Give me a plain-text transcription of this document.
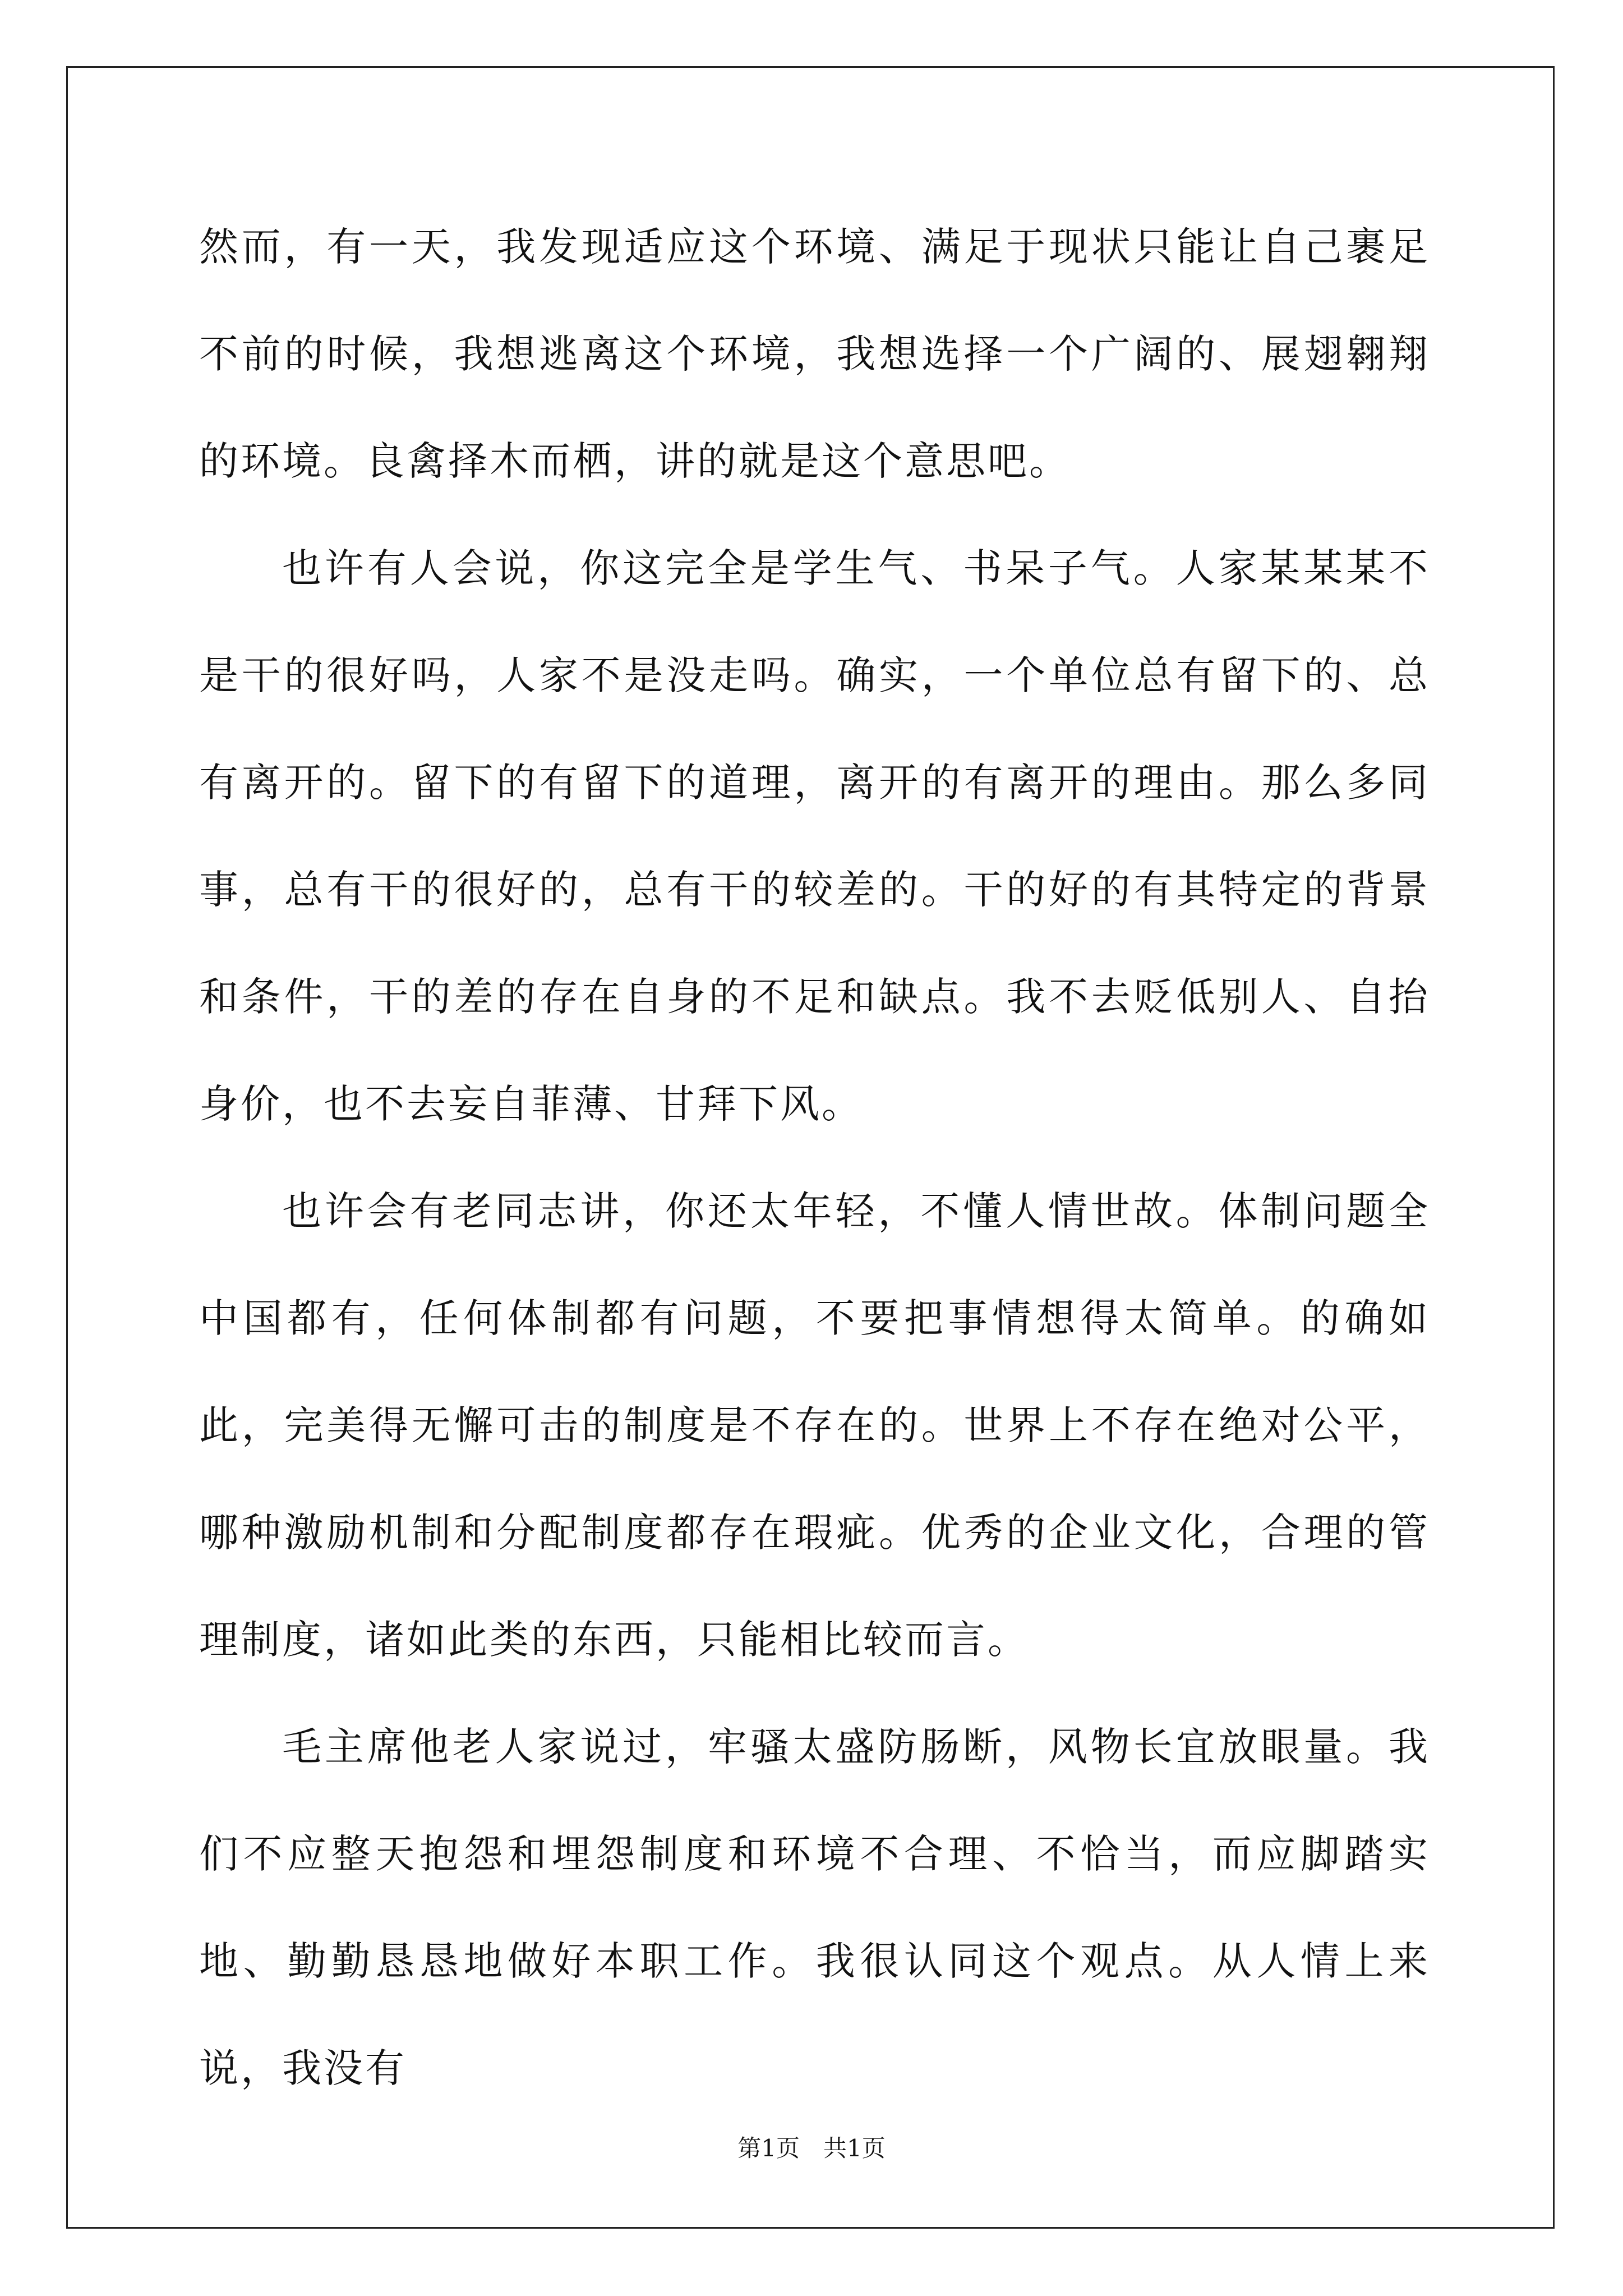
然而，有一天，我发现适应这个环境、满足于现状只能让自己裹足不前的时候，我想逃离这个环境，我想选择一个广阔的、展翅翱翔的环境。良禽择木而栖，讲的就是这个意思吧。

也许有人会说，你这完全是学生气、书呆子气。人家某某某不是干的很好吗，人家不是没走吗。确实，一个单位总有留下的、总有离开的。留下的有留下的道理，离开的有离开的理由。那么多同事，总有干的很好的，总有干的较差的。干的好的有其特定的背景和条件，干的差的存在自身的不足和缺点。我不去贬低别人、自抬身价，也不去妄自菲薄、甘拜下风。

也许会有老同志讲，你还太年轻，不懂人情世故。体制问题全中国都有，任何体制都有问题，不要把事情想得太简单。的确如此，完美得无懈可击的制度是不存在的。世界上不存在绝对公平，哪种激励机制和分配制度都存在瑕疵。优秀的企业文化，合理的管理制度，诸如此类的东西，只能相比较而言。

毛主席他老人家说过，牢骚太盛防肠断，风物长宜放眼量。我们不应整天抱怨和埋怨制度和环境不合理、不恰当，而应脚踏实地、勤勤恳恳地做好本职工作。我很认同这个观点。从人情上来说，我没有

第1页　共1页
